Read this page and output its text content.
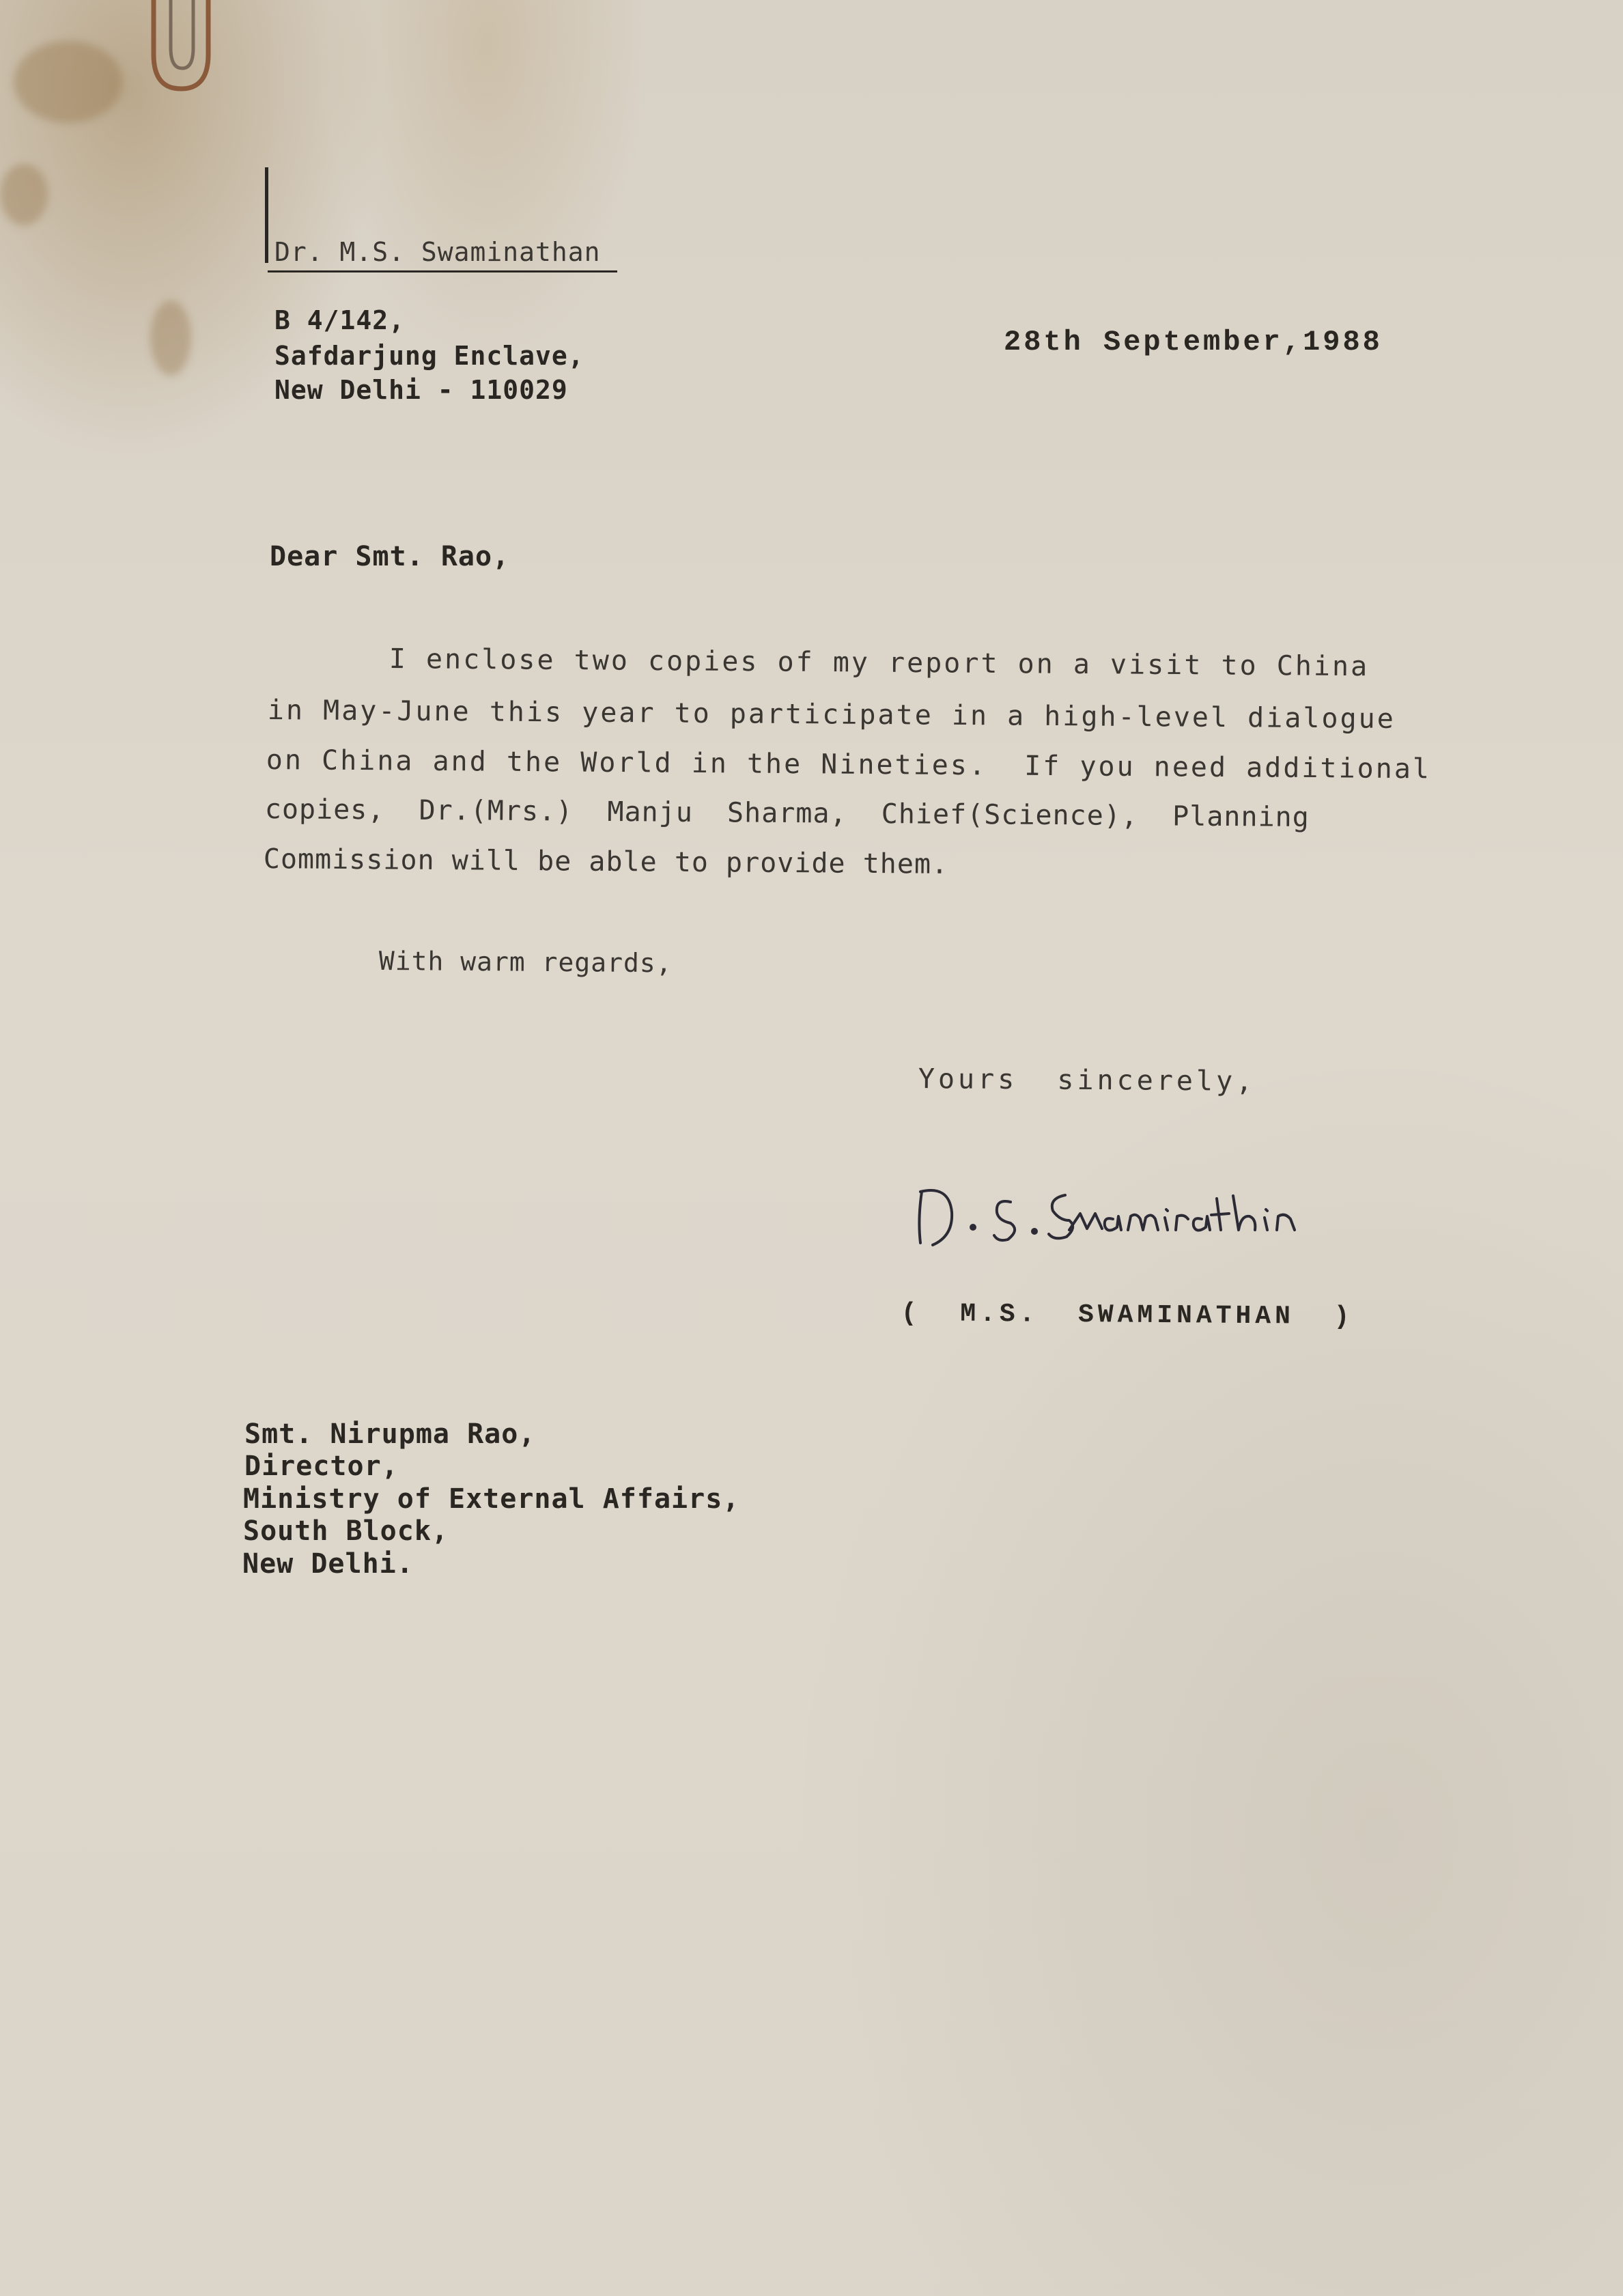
Dr. M.S. Swaminathan
B 4/142,
Safdarjung Enclave,
New Delhi - 110029
28th September,1988
Dear Smt. Rao,
I enclose two copies of my report on a visit to China
in May-June this year to participate in a high-level dialogue
on China and the World in the Nineties.  If you need additional
copies,  Dr.(Mrs.)  Manju  Sharma,  Chief(Science),  Planning
Commission will be able to provide them.
With warm regards,
Yours  sincerely,
(  M.S.  SWAMINATHAN  )
Smt. Nirupma Rao,
Director,
Ministry of External Affairs,
South Block,
New Delhi.
